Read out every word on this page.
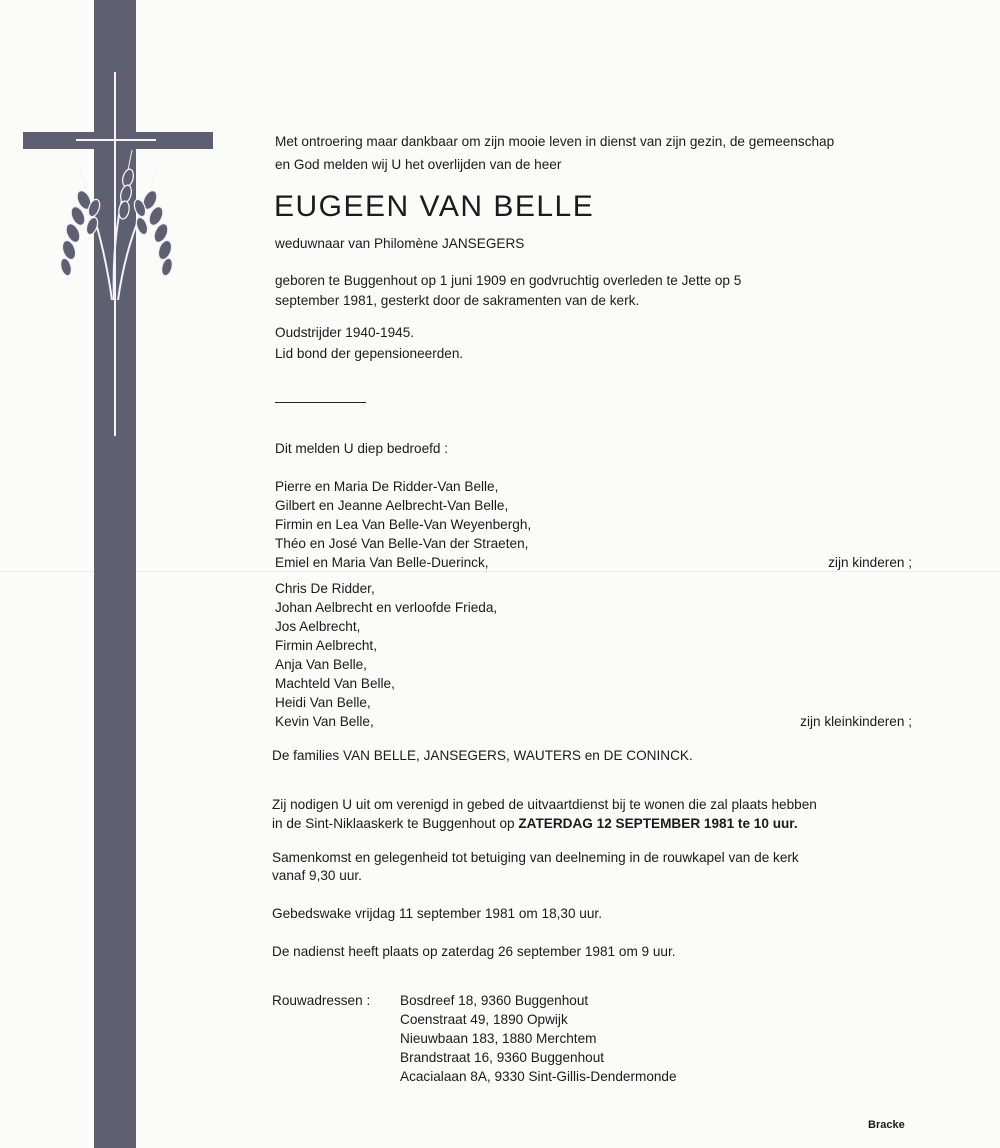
Met ontroering maar dankbaar om zijn mooie leven in dienst van zijn gezin, de gemeenschap
en God melden wij U het overlijden van de heer
EUGEEN VAN BELLE
weduwnaar van Philomène JANSEGERS
geboren te Buggenhout op 1 juni 1909 en godvruchtig overleden te Jette op 5
september 1981, gesterkt door de sakramenten van de kerk.
Oudstrijder 1940-1945.
Lid bond der gepensioneerden.
Dit melden U diep bedroefd :
Pierre en Maria De Ridder-Van Belle,
Gilbert en Jeanne Aelbrecht-Van Belle,
Firmin en Lea Van Belle-Van Weyenbergh,
Théo en José Van Belle-Van der Straeten,
Emiel en Maria Van Belle-Duerinck,	zijn kinderen ;
Chris De Ridder,
Johan Aelbrecht en verloofde Frieda,
Jos Aelbrecht,
Firmin Aelbrecht,
Anja Van Belle,
Machteld Van Belle,
Heidi Van Belle,
Kevin Van Belle,	zijn kleinkinderen ;
De families VAN BELLE, JANSEGERS, WAUTERS en DE CONINCK.
Zij nodigen U uit om verenigd in gebed de uitvaartdienst bij te wonen die zal plaats hebben
in de Sint-Niklaaskerk te Buggenhout op ZATERDAG 12 SEPTEMBER 1981 te 10 uur.
Samenkomst en gelegenheid tot betuiging van deelneming in de rouwkapel van de kerk
vanaf 9,30 uur.
Gebedswake vrijdag 11 september 1981 om 18,30 uur.
De nadienst heeft plaats op zaterdag 26 september 1981 om 9 uur.
Rouwadressen : Bosdreef 18, 9360 Buggenhout
Coenstraat 49, 1890 Opwijk
Nieuwbaan 183, 1880 Merchtem
Brandstraat 16, 9360 Buggenhout
Acacialaan 8A, 9330 Sint-Gillis-Dendermonde
Bracke
